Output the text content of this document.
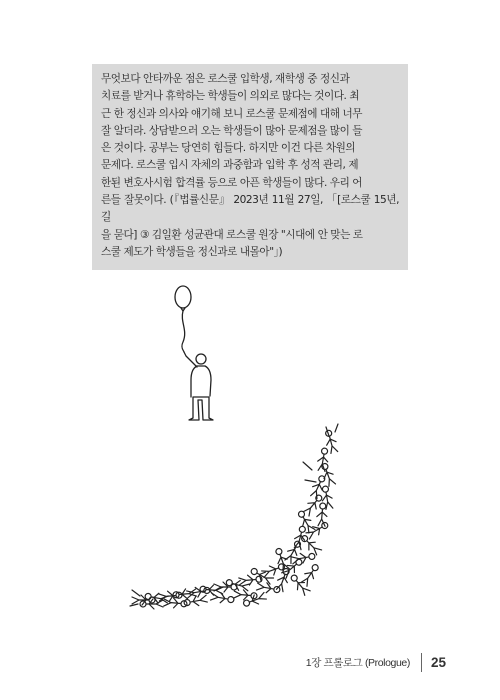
무엇보다 안타까운 점은 로스쿨 입학생, 재학생 중 정신과
치료를 받거나 휴학하는 학생들이 의외로 많다는 것이다. 최
근 한 정신과 의사와 얘기해 보니 로스쿨 문제점에 대해 너무
잘 알더라. 상담받으러 오는 학생들이 많아 문제점을 많이 들
은 것이다. 공부는 당연히 힘들다. 하지만 이건 다른 차원의
문제다. 로스쿨 입시 자체의 과중함과 입학 후 성적 관리, 제
한된 변호사시험 합격률 등으로 아픈 학생들이 많다. 우리 어
른들 잘못이다. (『법률신문』 2023년 11월 27일, 「[로스쿨 15년, 길
을 묻다] ③ 김일환 성균관대 로스쿨 원장 "시대에 안 맞는 로
스쿨 제도가 학생들을 정신과로 내몰아"」)

1장 프롤로그 (Prologue) 25
